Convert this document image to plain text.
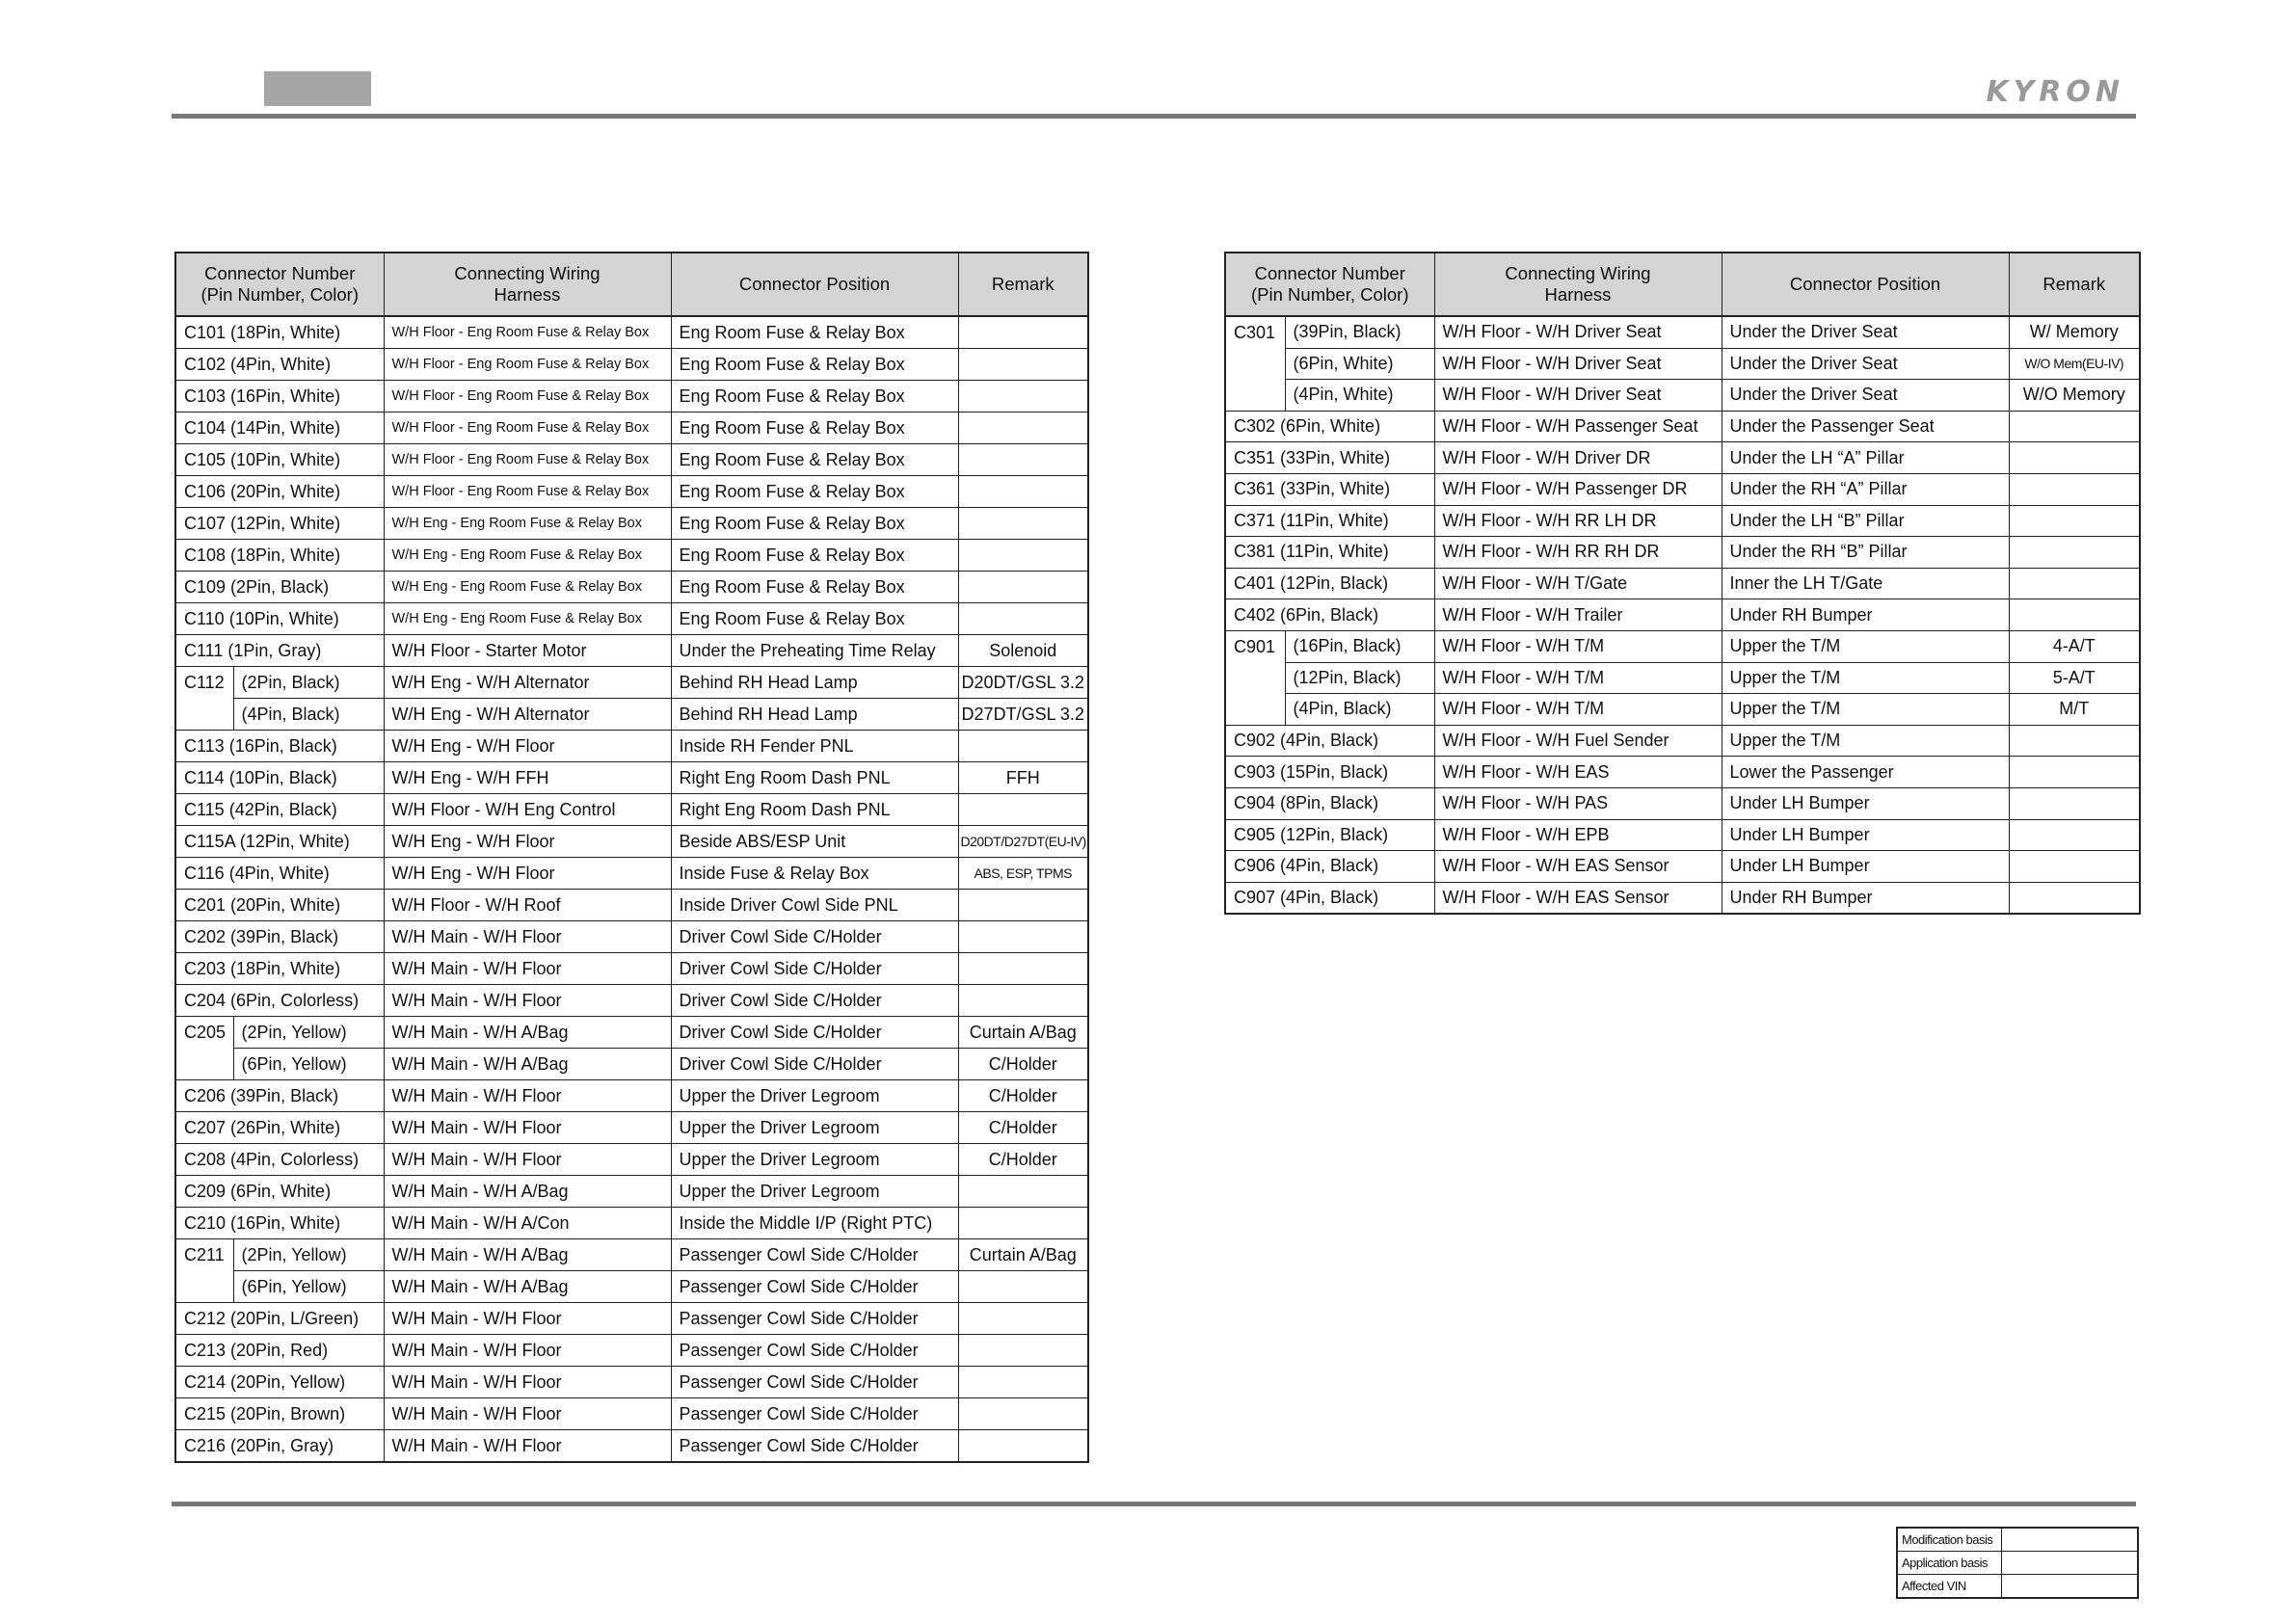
KYRON
Connector Number
(Pin Number, Color)		Connecting Wiring
Harness	Connector Position	Remark
C101 (18Pin, White)		W/H Floor - Eng Room Fuse & Relay Box	Eng Room Fuse & Relay Box	
C102 (4Pin, White)		W/H Floor - Eng Room Fuse & Relay Box	Eng Room Fuse & Relay Box	
C103 (16Pin, White)		W/H Floor - Eng Room Fuse & Relay Box	Eng Room Fuse & Relay Box	
C104 (14Pin, White)		W/H Floor - Eng Room Fuse & Relay Box	Eng Room Fuse & Relay Box	
C105 (10Pin, White)		W/H Floor - Eng Room Fuse & Relay Box	Eng Room Fuse & Relay Box	
C106 (20Pin, White)		W/H Floor - Eng Room Fuse & Relay Box	Eng Room Fuse & Relay Box	
C107 (12Pin, White)		W/H Eng - Eng Room Fuse & Relay Box	Eng Room Fuse & Relay Box	
C108 (18Pin, White)		W/H Eng - Eng Room Fuse & Relay Box	Eng Room Fuse & Relay Box	
C109 (2Pin, Black)		W/H Eng - Eng Room Fuse & Relay Box	Eng Room Fuse & Relay Box	
C110 (10Pin, White)		W/H Eng - Eng Room Fuse & Relay Box	Eng Room Fuse & Relay Box	
C111 (1Pin, Gray)		W/H Floor - Starter Motor	Under the Preheating Time Relay	Solenoid
C112	(2Pin, Black)	W/H Eng - W/H Alternator	Behind RH Head Lamp	D20DT/GSL 3.2
	(4Pin, Black)	W/H Eng - W/H Alternator	Behind RH Head Lamp	D27DT/GSL 3.2
C113 (16Pin, Black)		W/H Eng - W/H Floor	Inside RH Fender PNL	
C114 (10Pin, Black)		W/H Eng - W/H FFH	Right Eng Room Dash PNL	FFH
C115 (42Pin, Black)		W/H Floor - W/H Eng Control	Right Eng Room Dash PNL	
C115A (12Pin, White)		W/H Eng - W/H Floor	Beside ABS/ESP Unit	D20DT/D27DT(EU-IV)
C116 (4Pin, White)		W/H Eng - W/H Floor	Inside Fuse & Relay Box	ABS, ESP, TPMS
C201 (20Pin, White)		W/H Floor - W/H Roof	Inside Driver Cowl Side PNL	
C202 (39Pin, Black)		W/H Main - W/H Floor	Driver Cowl Side C/Holder	
C203 (18Pin, White)		W/H Main - W/H Floor	Driver Cowl Side C/Holder	
C204 (6Pin, Colorless)		W/H Main - W/H Floor	Driver Cowl Side C/Holder	
C205	(2Pin, Yellow)	W/H Main - W/H A/Bag	Driver Cowl Side C/Holder	Curtain A/Bag
	(6Pin, Yellow)	W/H Main - W/H A/Bag	Driver Cowl Side C/Holder	C/Holder
C206 (39Pin, Black)		W/H Main - W/H Floor	Upper the Driver Legroom	C/Holder
C207 (26Pin, White)		W/H Main - W/H Floor	Upper the Driver Legroom	C/Holder
C208 (4Pin, Colorless)		W/H Main - W/H Floor	Upper the Driver Legroom	C/Holder
C209 (6Pin, White)		W/H Main - W/H A/Bag	Upper the Driver Legroom	
C210 (16Pin, White)		W/H Main - W/H A/Con	Inside the Middle I/P (Right PTC)	
C211	(2Pin, Yellow)	W/H Main - W/H A/Bag	Passenger Cowl Side C/Holder	Curtain A/Bag
	(6Pin, Yellow)	W/H Main - W/H A/Bag	Passenger Cowl Side C/Holder	
C212 (20Pin, L/Green)		W/H Main - W/H Floor	Passenger Cowl Side C/Holder	
C213 (20Pin, Red)		W/H Main - W/H Floor	Passenger Cowl Side C/Holder	
C214 (20Pin, Yellow)		W/H Main - W/H Floor	Passenger Cowl Side C/Holder	
C215 (20Pin, Brown)		W/H Main - W/H Floor	Passenger Cowl Side C/Holder	
C216 (20Pin, Gray)		W/H Main - W/H Floor	Passenger Cowl Side C/Holder	
Connector Number
(Pin Number, Color)		Connecting Wiring
Harness	Connector Position	Remark
C301	(39Pin, Black)	W/H Floor - W/H Driver Seat	Under the Driver Seat	W/ Memory
	(6Pin, White)	W/H Floor - W/H Driver Seat	Under the Driver Seat	W/O Mem(EU-IV)
	(4Pin, White)	W/H Floor - W/H Driver Seat	Under the Driver Seat	W/O Memory
C302 (6Pin, White)		W/H Floor - W/H Passenger Seat	Under the Passenger Seat	
C351 (33Pin, White)		W/H Floor - W/H Driver DR	Under the LH “A” Pillar	
C361 (33Pin, White)		W/H Floor - W/H Passenger DR	Under the RH “A” Pillar	
C371 (11Pin, White)		W/H Floor - W/H RR LH DR	Under the LH “B” Pillar	
C381 (11Pin, White)		W/H Floor - W/H RR RH DR	Under the RH “B” Pillar	
C401 (12Pin, Black)		W/H Floor - W/H T/Gate	Inner the LH T/Gate	
C402 (6Pin, Black)		W/H Floor - W/H Trailer	Under RH Bumper	
C901	(16Pin, Black)	W/H Floor - W/H T/M	Upper the T/M	4-A/T
	(12Pin, Black)	W/H Floor - W/H T/M	Upper the T/M	5-A/T
	(4Pin, Black)	W/H Floor - W/H T/M	Upper the T/M	M/T
C902 (4Pin, Black)		W/H Floor - W/H Fuel Sender	Upper the T/M	
C903 (15Pin, Black)		W/H Floor - W/H EAS	Lower the Passenger	
C904 (8Pin, Black)		W/H Floor - W/H PAS	Under LH Bumper	
C905 (12Pin, Black)		W/H Floor - W/H EPB	Under LH Bumper	
C906 (4Pin, Black)		W/H Floor - W/H EAS Sensor	Under LH Bumper	
C907 (4Pin, Black)		W/H Floor - W/H EAS Sensor	Under RH Bumper	
Modification basis	
Application basis	
Affected VIN	
